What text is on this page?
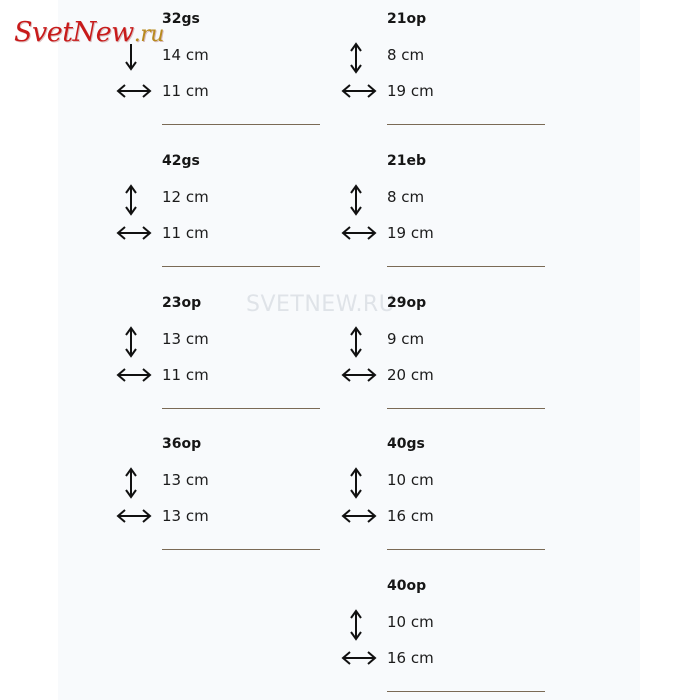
SvetNew.ru
SVETNEW.RU
32gs
14 cm
11 cm
21op
8 cm
19 cm
42gs
12 cm
11 cm
21eb
8 cm
19 cm
23op
13 cm
11 cm
29op
9 cm
20 cm
36op
13 cm
13 cm
40gs
10 cm
16 cm
40op
10 cm
16 cm
